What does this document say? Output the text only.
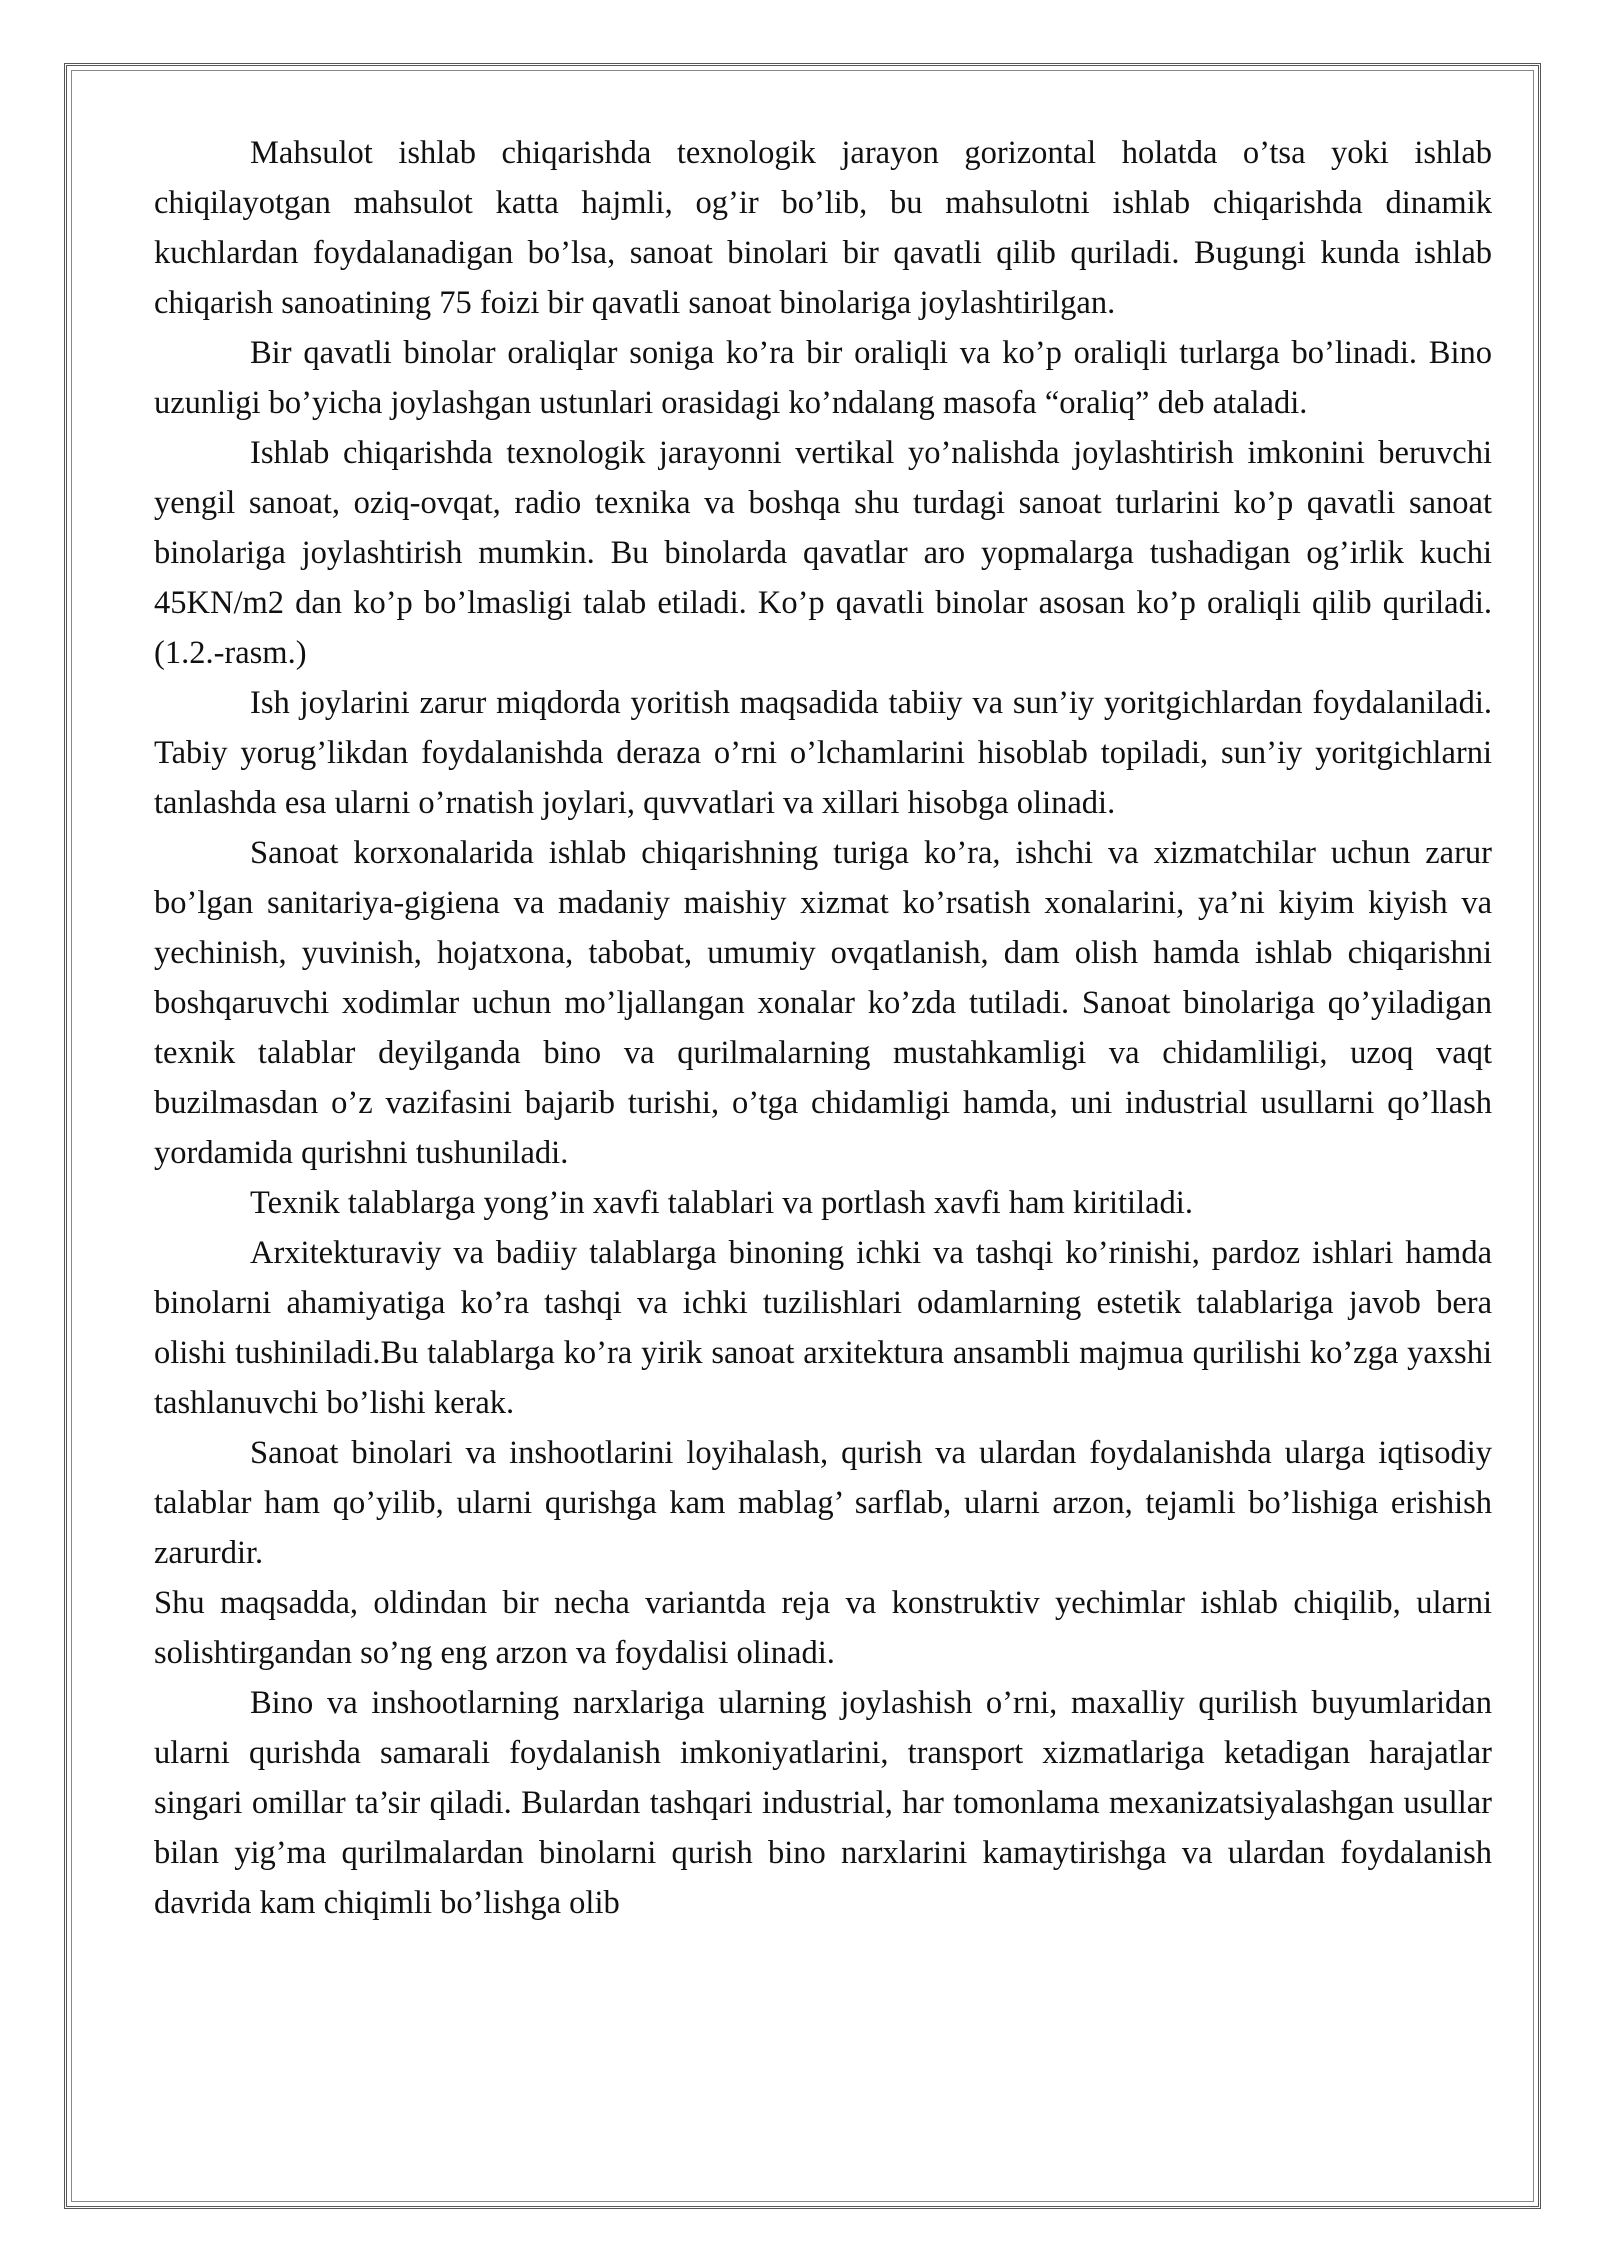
Mahsulot ishlab chiqarishda texnologik jarayon gorizontal holatda o’tsa yoki ishlab chiqilayotgan mahsulot katta hajmli, og’ir bo’lib, bu mahsulotni ishlab chiqarishda dinamik kuchlardan foydalanadigan bo’lsa, sanoat binolari bir qavatli qilib quriladi. Bugungi kunda ishlab chiqarish sanoatining 75 foizi bir qavatli sanoat binolariga joylashtirilgan.

Bir qavatli binolar oraliqlar soniga ko’ra bir oraliqli va ko’p oraliqli turlarga bo’linadi. Bino uzunligi bo’yicha joylashgan ustunlari orasidagi ko’ndalang masofa “oraliq” deb ataladi.

Ishlab chiqarishda texnologik jarayonni vertikal yo’nalishda joylashtirish imkonini beruvchi yengil sanoat, oziq-ovqat, radio texnika va boshqa shu turdagi sanoat turlarini ko’p qavatli sanoat binolariga joylashtirish mumkin. Bu binolarda qavatlar aro yopmalarga tushadigan og’irlik kuchi 45KN/m2 dan ko’p bo’lmasligi talab etiladi. Ko’p qavatli binolar asosan ko’p oraliqli qilib quriladi.(1.2.-rasm.)

Ish joylarini zarur miqdorda yoritish maqsadida tabiiy va sun’iy yoritgichlardan foydalaniladi. Tabiy yorug’likdan foydalanishda deraza o’rni o’lchamlarini hisoblab topiladi, sun’iy yoritgichlarni tanlashda esa ularni o’rnatish joylari, quvvatlari va xillari hisobga olinadi.

Sanoat korxonalarida ishlab chiqarishning turiga ko’ra, ishchi va xizmatchilar uchun zarur bo’lgan sanitariya-gigiena va madaniy maishiy xizmat ko’rsatish xonalarini, ya’ni kiyim kiyish va yechinish, yuvinish, hojatxona, tabobat, umumiy ovqatlanish, dam olish hamda ishlab chiqarishni boshqaruvchi xodimlar uchun mo’ljallangan xonalar ko’zda tutiladi. Sanoat binolariga qo’yiladigan texnik talablar deyilganda bino va qurilmalarning mustahkamligi va chidamliligi, uzoq vaqt buzilmasdan o’z vazifasini bajarib turishi, o’tga chidamligi hamda, uni industrial usullarni qo’llash yordamida qurishni tushuniladi.

Texnik talablarga yong’in xavfi talablari va portlash xavfi ham kiritiladi.

Arxitekturaviy va badiiy talablarga binoning ichki va tashqi ko’rinishi, pardoz ishlari hamda binolarni ahamiyatiga ko’ra tashqi va ichki tuzilishlari odamlarning estetik talablariga javob bera olishi tushiniladi.Bu talablarga ko’ra yirik sanoat arxitektura ansambli majmua qurilishi ko’zga yaxshi tashlanuvchi bo’lishi kerak.

Sanoat binolari va inshootlarini loyihalash, qurish va ulardan foydalanishda ularga iqtisodiy talablar ham qo’yilib, ularni qurishga kam mablag’ sarflab, ularni arzon, tejamli bo’lishiga erishish zarurdir.

Shu maqsadda, oldindan bir necha variantda reja va konstruktiv yechimlar ishlab chiqilib, ularni solishtirgandan so’ng eng arzon va foydalisi olinadi.

Bino va inshootlarning narxlariga ularning joylashish o’rni, maxalliy qurilish buyumlaridan ularni qurishda samarali foydalanish imkoniyatlarini, transport xizmatlariga ketadigan harajatlar singari omillar ta’sir qiladi. Bulardan tashqari industrial, har tomonlama mexanizatsiyalashgan usullar bilan yig’ma qurilmalardan binolarni qurish bino narxlarini kamaytirishga va ulardan foydalanish davrida kam chiqimli bo’lishga olib
